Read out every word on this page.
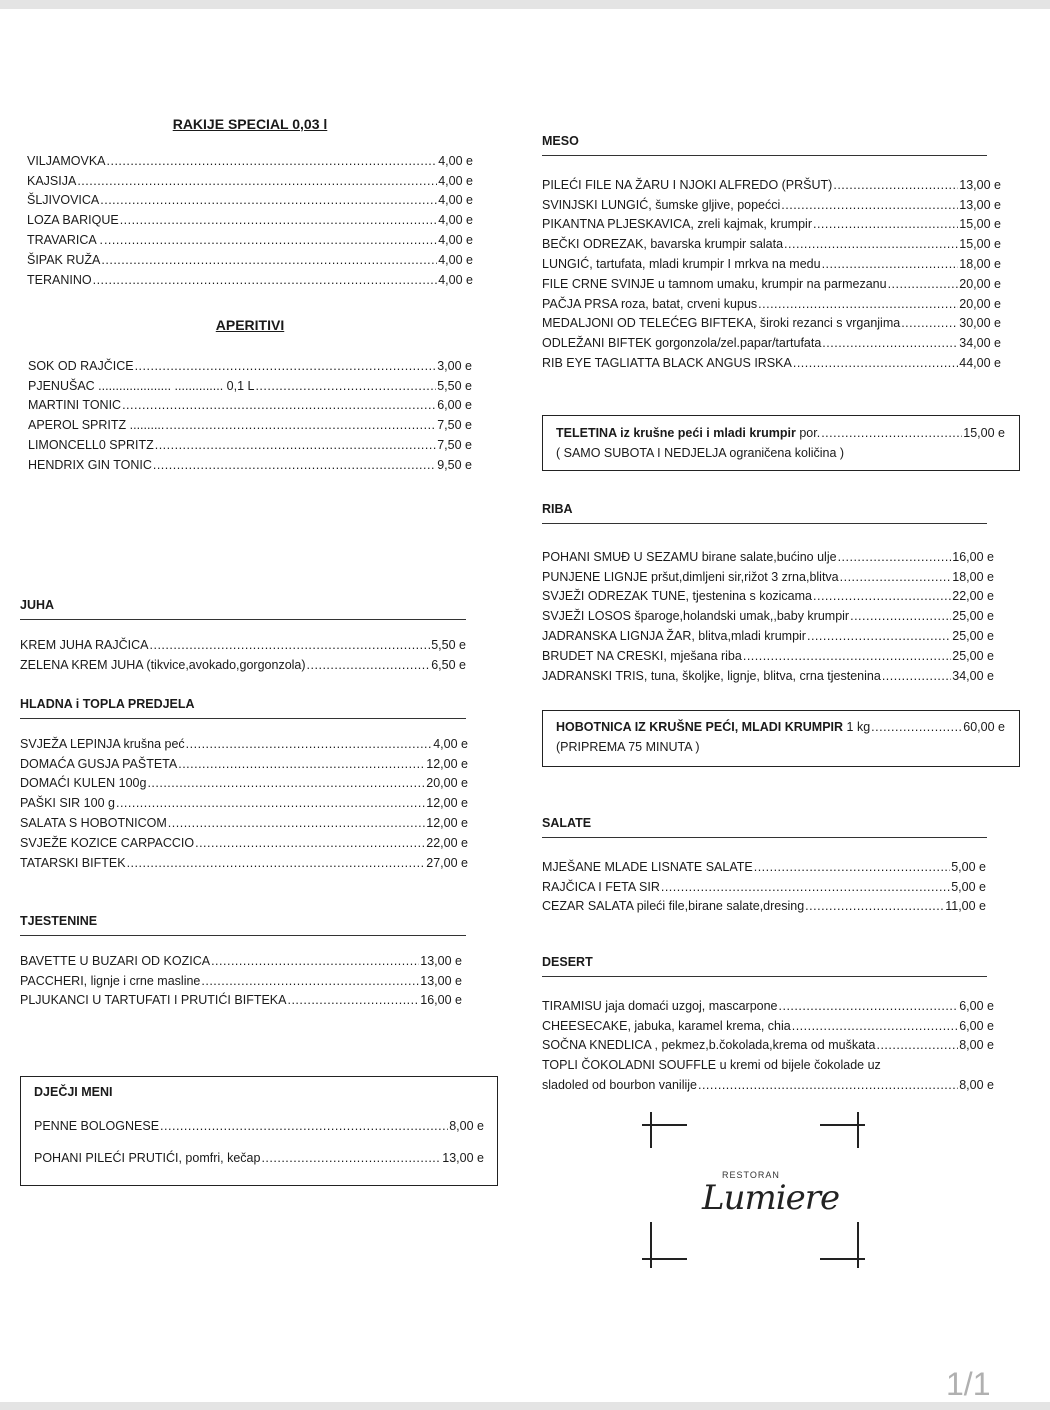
RAKIJE SPECIAL 0,03 l
VILJAMOVKA .....	4,00 e
KAJSIJA .....	4,00 e
ŠLJIVOVICA .....	4,00 e
LOZA BARIQUE .....	4,00 e
TRAVARICA . .....	4,00 e
ŠIPAK RUŽA .....	4,00 e
TERANINO .....	4,00 e
APERITIVI
SOK OD RAJČICE .....	3,00 e
PJENUŠAC ..................... .............. 0,1 L .....	5,50 e
MARTINI TONIC .....	6,00 e
APEROL SPRITZ .......... .....	7,50 e
LIMONCELL0 SPRITZ .....	7,50 e
HENDRIX GIN TONIC .....	9,50 e
JUHA
KREM JUHA RAJČICA .....	5,50 e
ZELENA KREM JUHA (tikvice,avokado,gorgonzola) .....	6,50 e
HLADNA i TOPLA PREDJELA
SVJEŽA LEPINJA krušna peć .....	4,00 e
DOMAĆA GUSJA PAŠTETA .....	12,00 e
DOMAĆI KULEN 100g .....	20,00 e
PAŠKI SIR 100 g .....	12,00 e
SALATA S HOBOTNICOM .....	12,00 e
SVJEŽE KOZICE CARPACCIO .....	22,00 e
TATARSKI BIFTEK .....	27,00 e
TJESTENINE
BAVETTE U BUZARI OD KOZICA .....	13,00 e
PACCHERI, lignje i crne masline .....	13,00 e
PLJUKANCI U TARTUFATI I PRUTIĆI BIFTEKA .....	16,00 e
DJEČJI MENI
PENNE BOLOGNESE .....	8,00 e
POHANI PILEĆI PRUTIĆI, pomfri, kečap .....	13,00 e
MESO
PILEĆI FILE NA ŽARU I NJOKI ALFREDO (PRŠUT) .....	13,00 e
SVINJSKI LUNGIĆ, šumske gljive, popećci .....	13,00 e
PIKANTNA PLJESKAVICA, zreli kajmak, krumpir .....	15,00 e
BEČKI ODREZAK, bavarska krumpir salata .....	15,00 e
LUNGIĆ, tartufata, mladi krumpir I mrkva na medu .....	18,00 e
FILE CRNE SVINJE u tamnom umaku, krumpir na parmezanu .....	20,00 e
PAČJA PRSA roza, batat, crveni kupus .....	20,00 e
MEDALJONI OD TELEĆEG BIFTEKA, široki rezanci s vrganjima .....	30,00 e
ODLEŽANI BIFTEK gorgonzola/zel.papar/tartufata .....	34,00 e
RIB EYE TAGLIATTA BLACK ANGUS IRSKA .....	44,00 e
TELETINA iz krušne peći i mladi krumpir por. .....	15,00 e
( SAMO SUBOTA I NEDJELJA ograničena količina )
RIBA
POHANI SMUĐ U SEZAMU birane salate,bućino ulje .....	16,00 e
PUNJENE LIGNJE pršut,dimljeni sir,rižot 3 zrna,blitva .....	18,00 e
SVJEŽI ODREZAK TUNE, tjestenina s kozicama .....	22,00 e
SVJEŽI LOSOS šparoge,holandski umak,,baby krumpir .....	25,00 e
JADRANSKA LIGNJA ŽAR, blitva,mladi krumpir .....	25,00 e
BRUDET NA CRESKI, mješana riba .....	25,00 e
JADRANSKI TRIS, tuna, školjke, lignje, blitva, crna tjestenina .....	34,00 e
HOBOTNICA IZ KRUŠNE PEĆI, MLADI KRUMPIR 1 kg .....	60,00 e
(PRIPREMA 75 MINUTA )
SALATE
MJEŠANE MLADE LISNATE SALATE .....	5,00 e
RAJČICA I FETA SIR .....	5,00 e
CEZAR SALATA pileći file,birane salate,dresing .....	11,00 e
DESERT
TIRAMISU jaja domaći uzgoj, mascarpone .....	6,00 e
CHEESECAKE, jabuka, karamel krema, chia .....	6,00 e
SOČNA KNEDLICA , pekmez,b.čokolada,krema od muškata .....	8,00 e
TOPLI ČOKOLADNI SOUFFLE u kremi od bijele čokolade uz
sladoled od bourbon vanilije .....	8,00 e
RESTORAN
Lumiere
1/1
